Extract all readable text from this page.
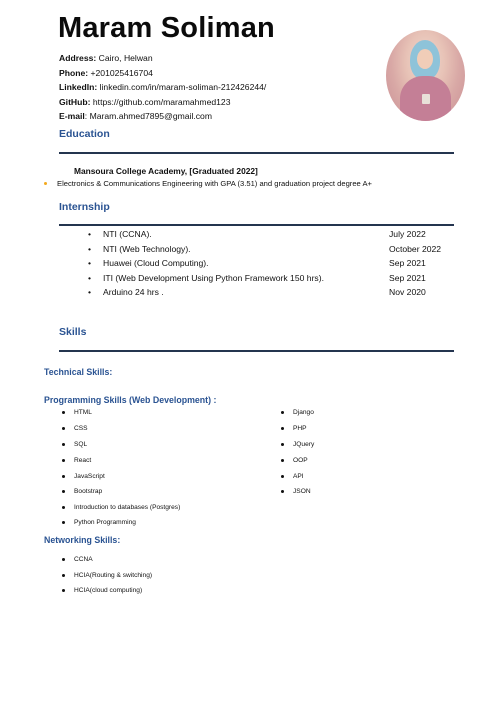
Maram Soliman
Address: Cairo, Helwan
Phone: +201025416704
LinkedIn: linkedin.com/in/maram-soliman-212426244/
GitHub: https://github.com/maramahmed123
E-mail: Maram.ahmed7895@gmail.com
Education
Mansoura College Academy, [Graduated 2022]
Electronics & Communications Engineering with GPA (3.51) and graduation project degree A+
Internship
• NTI (CCNA).	July 2022
• NTI (Web Technology).	October 2022
• Huawei (Cloud Computing).	Sep 2021
• ITI (Web Development Using Python Framework 150 hrs).	Sep 2021
• Arduino 24 hrs .	Nov 2020
Skills
Technical Skills:
Programming Skills (Web Development) :
HTML
CSS
SQL
React
JavaScript
Bootstrap
Introduction to databases (Postgres)
Python Programming
Django
PHP
JQuery
OOP
API
JSON
Networking Skills:
CCNA
HCIA(Routing & switching)
HCIA(cloud computing)
